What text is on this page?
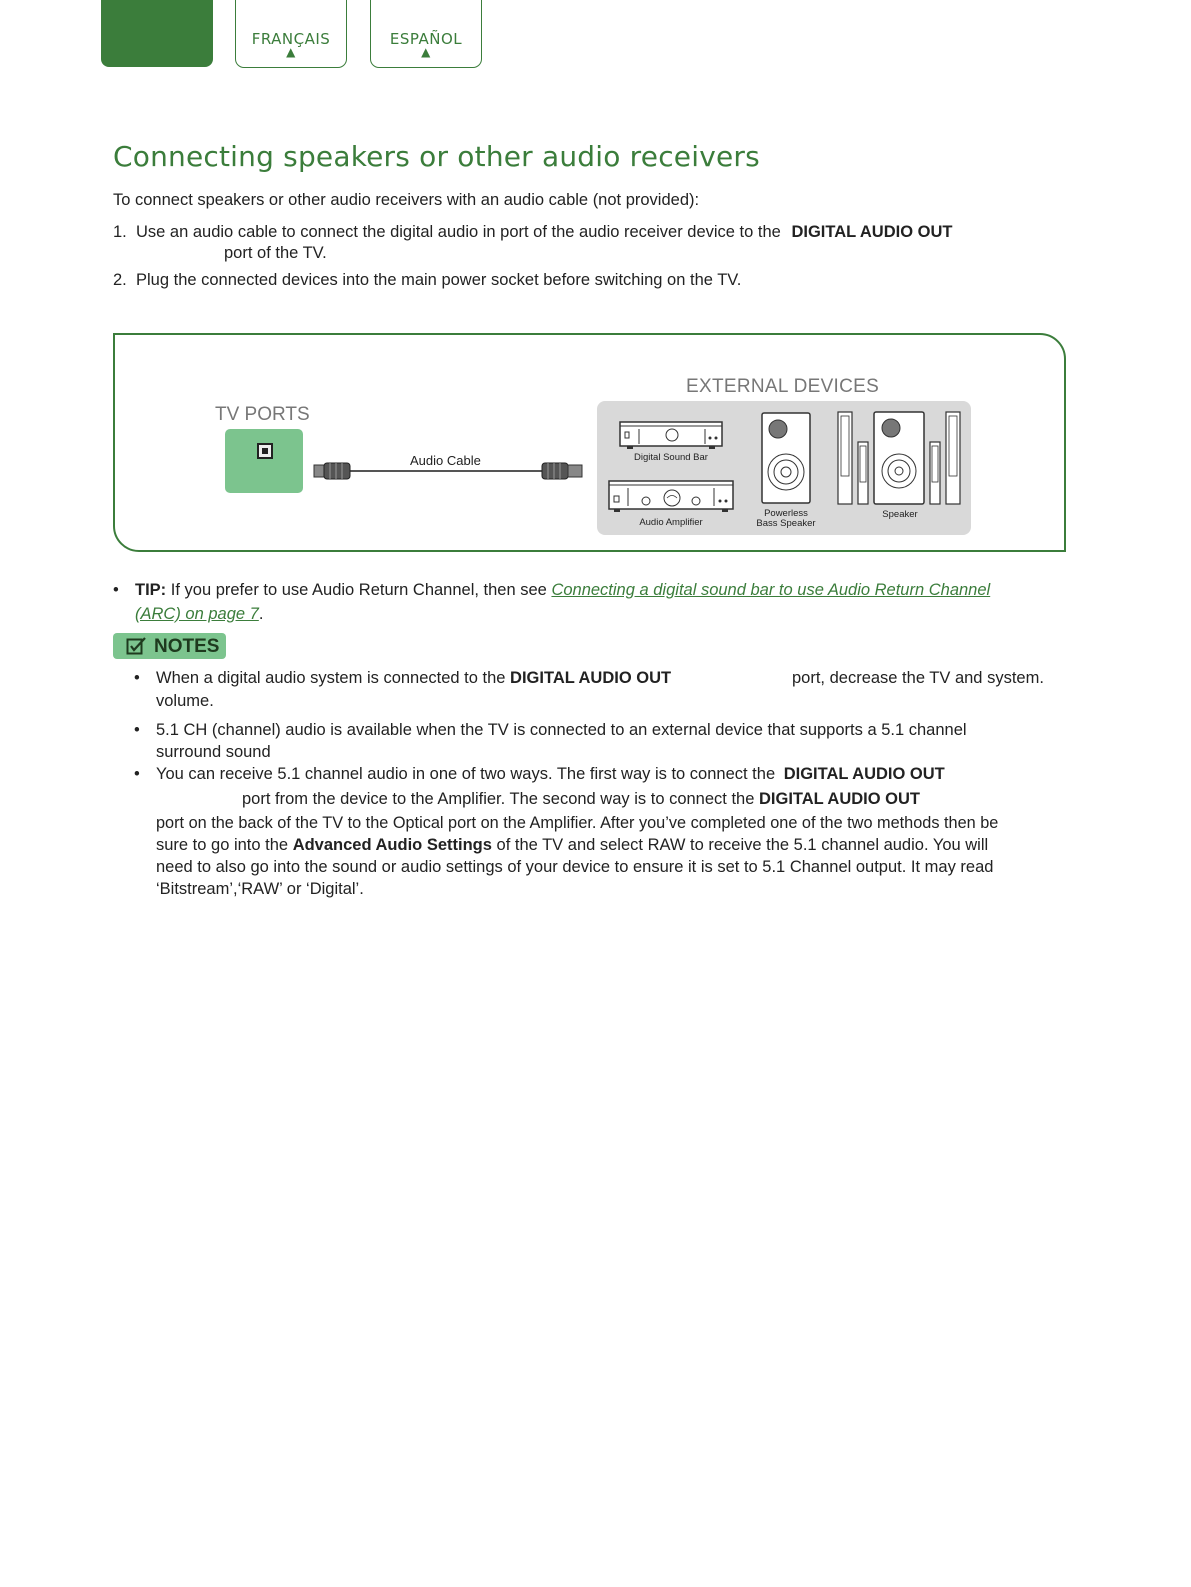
FRANÇAIS
▲
ESPAÑOL
▲
Connecting speakers or other audio receivers
To connect speakers or other audio receivers with an audio cable (not provided):
1. Use an audio cable to connect the digital audio in port of the audio receiver device to the DIGITAL AUDIO OUT
port of the TV.
2. Plug the connected devices into the main power socket before switching on the TV.
EXTERNAL DEVICES
TV PORTS
Audio Cable	Digital Sound Bar
Audio Amplifier
Powerless
Bass Speaker
Speaker
• TIP: If you prefer to use Audio Return Channel, then see Connecting a digital sound bar to use Audio Return Channel
(ARC) on page 7.
NOTES
• When a digital audio system is connected to the DIGITAL AUDIO OUT	port, decrease the TV and system.
volume.
• 5.1 CH (channel) audio is available when the TV is connected to an external device that supports a 5.1 channel
surround sound
• You can receive 5.1 channel audio in one of two ways. The first way is to connect the DIGITAL AUDIO OUT
port from the device to the Amplifier. The second way is to connect the DIGITAL AUDIO OUT
port on the back of the TV to the Optical port on the Amplifier. After you’ve completed one of the two methods then be
sure to go into the Advanced Audio Settings of the TV and select RAW to receive the 5.1 channel audio. You will
need to also go into the sound or audio settings of your device to ensure it is set to 5.1 Channel output. It may read
‘Bitstream’,‘RAW’ or ‘Digital’.
